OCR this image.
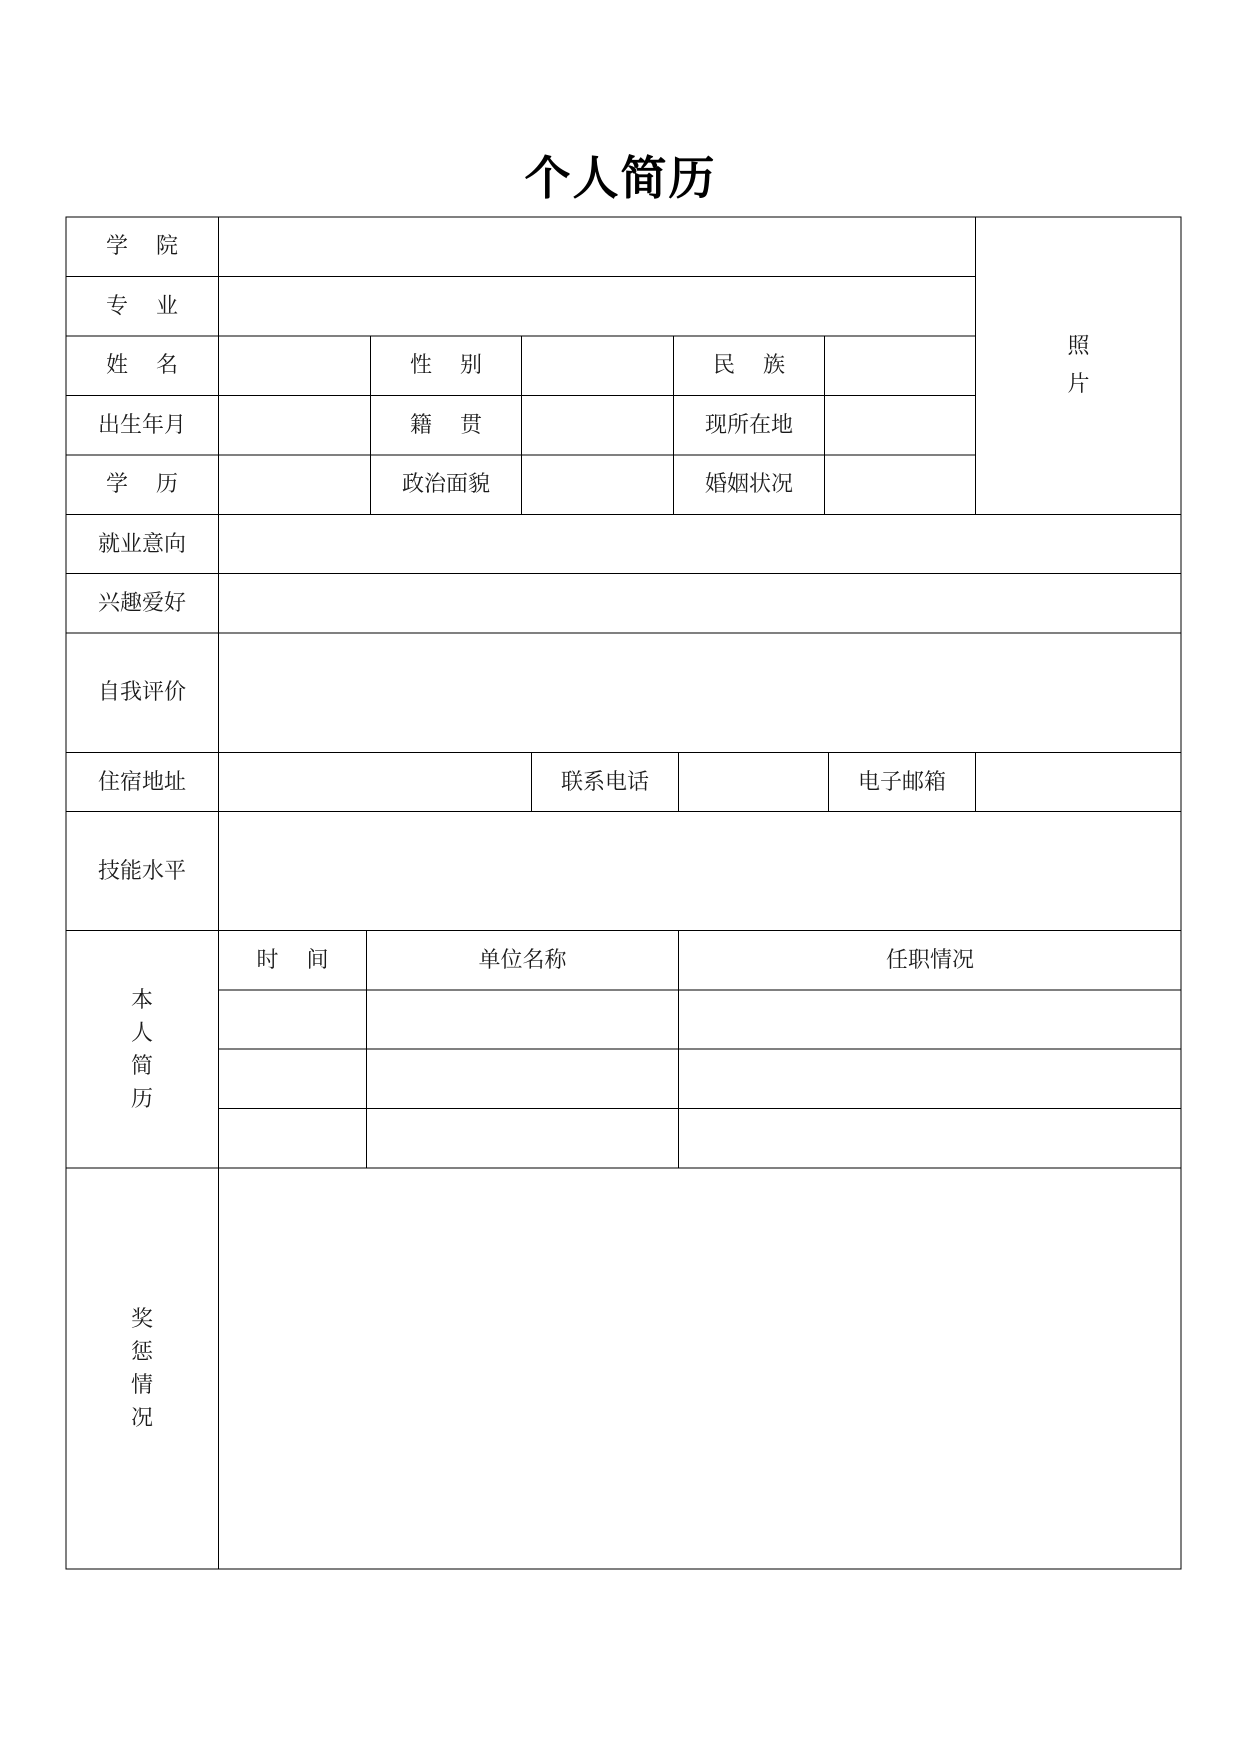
个人简历
学    院
专    业
照
片
姓    名	性    别	民    族
出生年月	籍    贯	现所在地
学    历	政治面貌	婚姻状况
就业意向
兴趣爱好
自我评价
住宿地址	联系电话	电子邮箱
技能水平
本
人
简
历
时    间	单位名称	任职情况
奖
惩
情
况
